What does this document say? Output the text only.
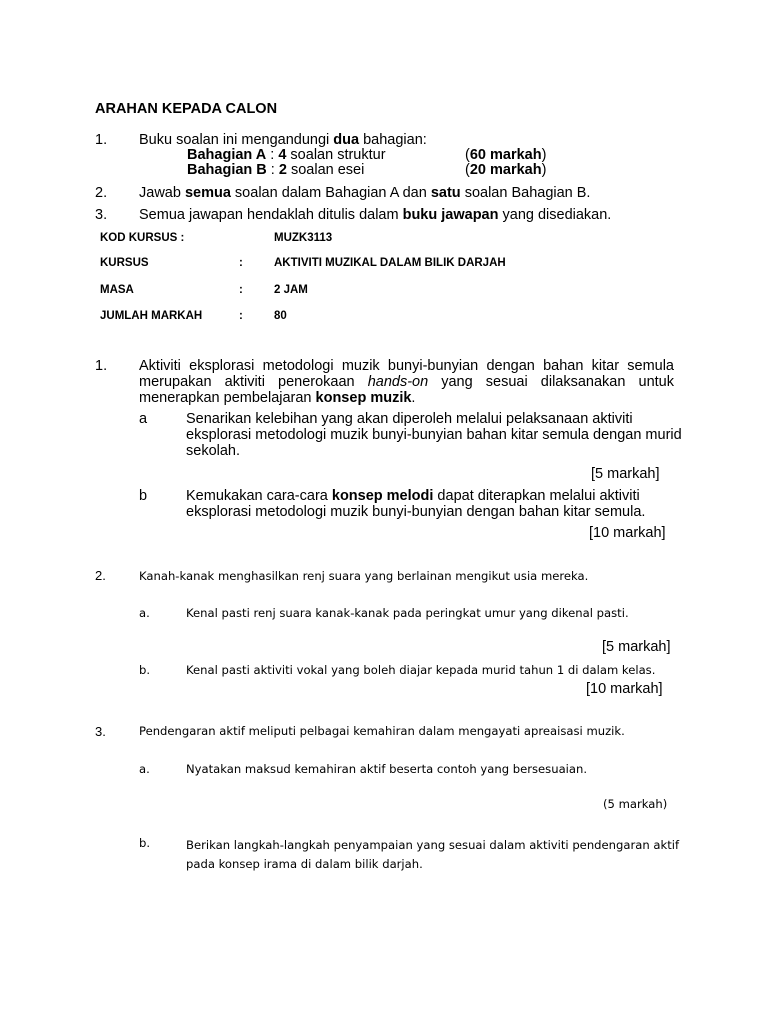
ARAHAN KEPADA CALON
1. Buku soalan ini mengandungi dua bahagian:
Bahagian A : 4 soalan struktur	(60 markah)
Bahagian B : 2 soalan esei	(20 markah)
2. Jawab semua soalan dalam Bahagian A dan satu soalan Bahagian B.
3. Semua jawapan hendaklah ditulis dalam buku jawapan yang disediakan.
KOD KURSUS :	MUZK3113
KURSUS	:	AKTIVITI MUZIKAL DALAM BILIK DARJAH
MASA	:	2 JAM
JUMLAH MARKAH	:	80
1. Aktiviti eksplorasi metodologi muzik bunyi-bunyian dengan bahan kitar semula
merupakan aktiviti penerokaan hands-on yang sesuai dilaksanakan untuk
menerapkan pembelajaran konsep muzik.
a	Senarikan kelebihan yang akan diperoleh melalui pelaksanaan aktiviti
eksplorasi metodologi muzik bunyi-bunyian bahan kitar semula dengan murid
sekolah.
[5 markah]
b	Kemukakan cara-cara konsep melodi dapat diterapkan melalui aktiviti
eksplorasi metodologi muzik bunyi-bunyian dengan bahan kitar semula.
[10 markah]
2.	Kanah-kanak menghasilkan renj suara yang berlainan mengikut usia mereka.
a.	Kenal pasti renj suara kanak-kanak pada peringkat umur yang dikenal pasti.
[5 markah]
b.	Kenal pasti aktiviti vokal yang boleh diajar kepada murid tahun 1 di dalam kelas.
[10 markah]
3.	Pendengaran aktif meliputi pelbagai kemahiran dalam mengayati apreaisasi muzik.
a.	Nyatakan maksud kemahiran aktif beserta contoh yang bersesuaian.
(5 markah)
b.	Berikan langkah-langkah penyampaian yang sesuai dalam aktiviti pendengaran aktif
pada konsep irama di dalam bilik darjah.
